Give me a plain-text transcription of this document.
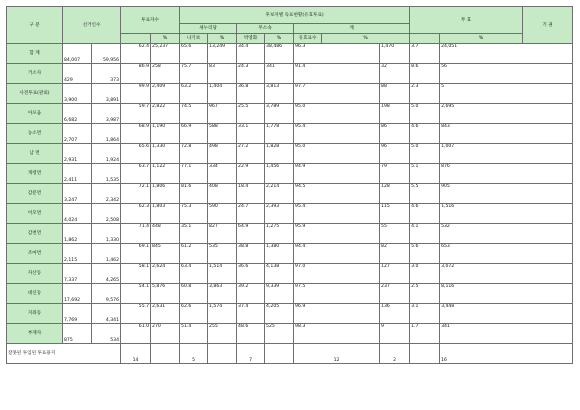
구 분	선거인수		투표자수		후보자별 득표현황(유효투표)							무 효		기 권
					새누리당		무소속		계					
				%	나기보	%	박영화	%	유효표수	%			%	
합 계	84,007	59,956	62.4	25,237	65.6	13,249	34.4	38,486	96.3		1,470	3.7	24,051	
거소자	429	373	86.9	258	75.7	83	24.3	341	91.4		32	8.6	56	
사전투표(관외)	3,900	3,891	99.9	2,409	63.2	1,404	36.8	3,813	97.7		88	2.3	5	
아포읍	6,682	3,987	59.7	2,822	74.5	967	25.5	3,789	95.0		198	5.0	2,695	
농소면	2,707	1,864	68.9	1,190	66.9	588	33.1	1,778	95.4		86	4.6	843	
남 면	2,931	1,924	65.6	1,330	72.8	498	27.2	1,828	95.0		96	5.0	1,007	
개령면	2,411	1,535	63.7	1,122	77.1	334	22.9	1,456	94.9		79	5.1	876	
감문면	3,247	2,342	72.1	1,806	81.6	408	18.4	2,214	94.5		128	5.5	905	
어모면	4,024	2,508	62.3	1,803	75.3	590	24.7	2,393	95.4		115	4.6	1,516	
감천면	1,862	1,330	71.4	448	35.1	827	64.9	1,275	95.9		55	4.1	532	
조마면	2,115	1,462	69.1	845	61.2	535	38.8	1,380	94.4		82	5.6	653	
자산동	7,337	4,265	58.1	2,624	63.4	1,514	36.6	4,138	97.0		127	3.0	3,072	
대신동	17,692	9,576	54.1	5,876	60.8	3,863	39.2	9,339	97.5		237	2.5	8,116	
지좌동	7,769	4,341	55.7	2,631	62.6	1,574	37.4	4,205	96.9		136	3.1	3,448	
부재자	875	534	61.0	270	51.4	255	48.6	525	98.3		9	1.7	341	
잘못된 투입된 투표용지			14		5		7		12		2		16	
